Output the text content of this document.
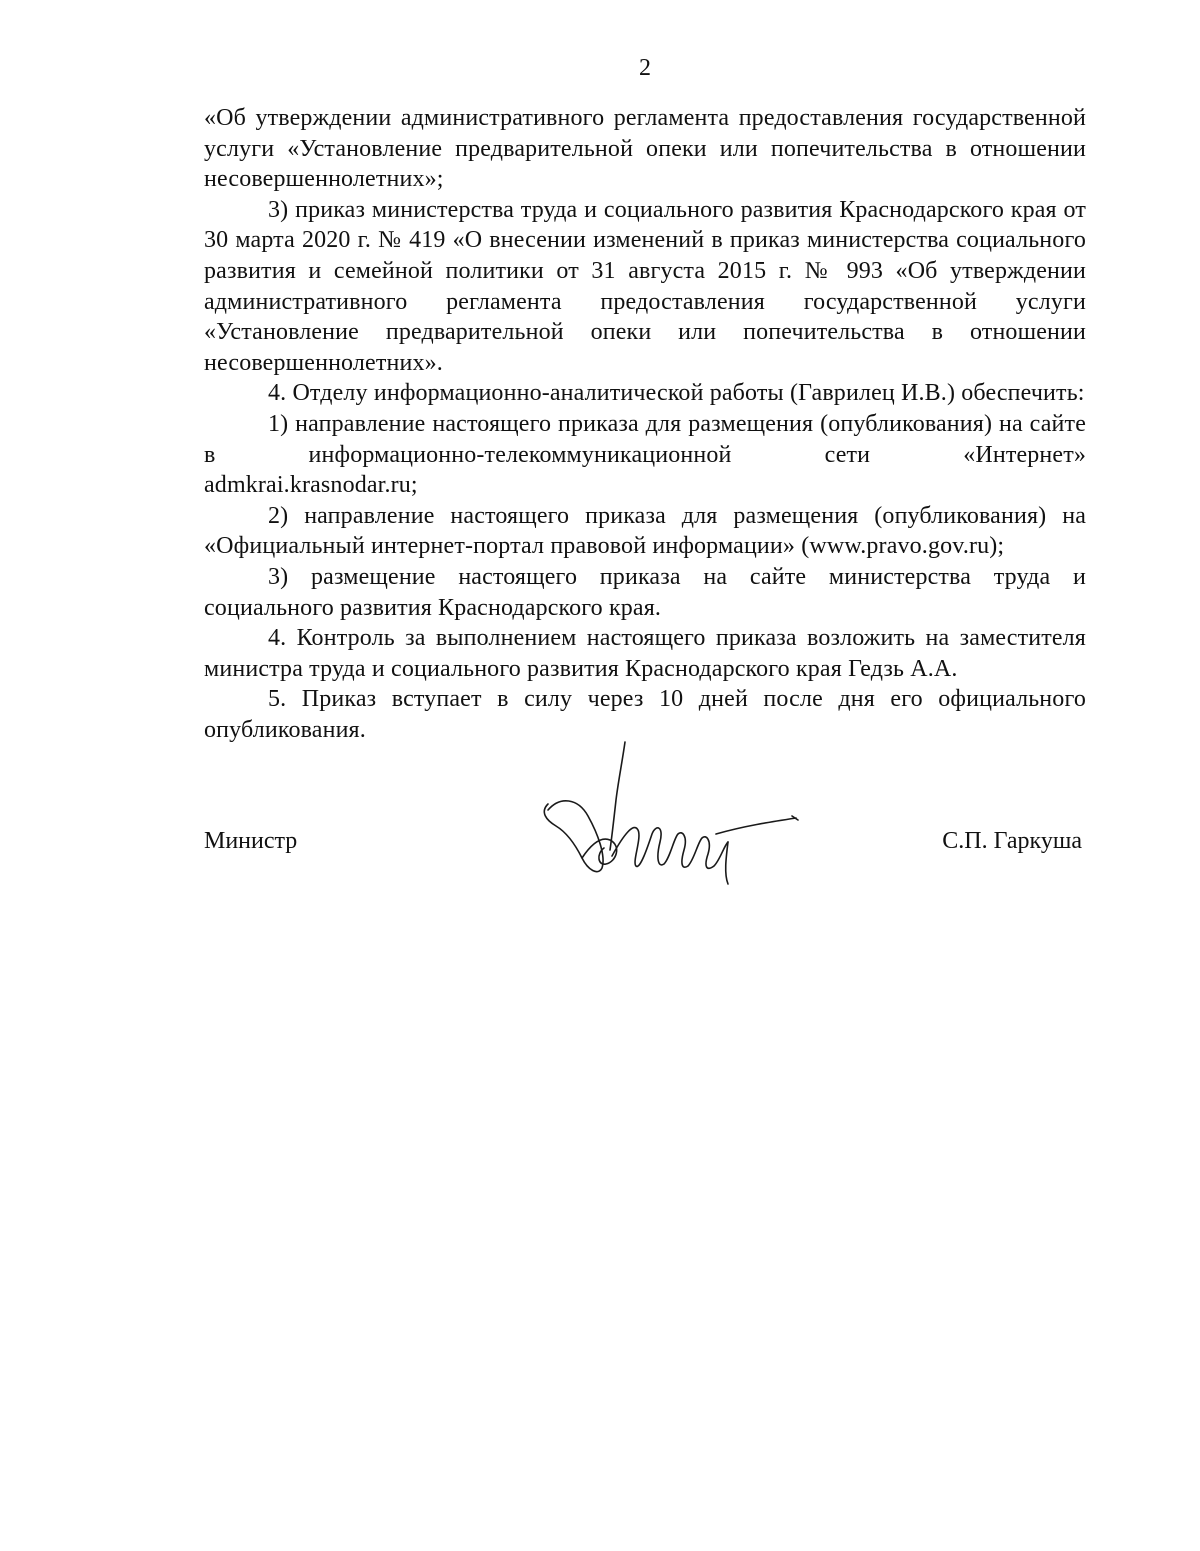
2

«Об утверждении административного регламента предоставления государственной услуги «Установление предварительной опеки или попечительства в отношении несовершеннолетних»;

3) приказ министерства труда и социального развития Краснодарского края от 30 марта 2020 г. № 419 «О внесении изменений в приказ министерства социального развития и семейной политики от 31 августа 2015 г. № 993 «Об утверждении административного регламента предоставления государственной услуги «Установление предварительной опеки или попечительства в отношении несовершеннолетних».

4. Отделу информационно-аналитической работы (Гаврилец И.В.) обеспечить:

1) направление настоящего приказа для размещения (опубликования) на сайте в информационно-телекоммуникационной сети «Интернет»

admkrai.krasnodar.ru;

2) направление настоящего приказа для размещения (опубликования) на «Официальный интернет-портал правовой информации» (www.pravo.gov.ru);

3) размещение настоящего приказа на сайте министерства труда и социального развития Краснодарского края.

4. Контроль за выполнением настоящего приказа возложить на заместителя министра труда и социального развития Краснодарского края Гедзь А.А.

5. Приказ вступает в силу через 10 дней после дня его официального опубликования.

Министр	С.П. Гаркуша
